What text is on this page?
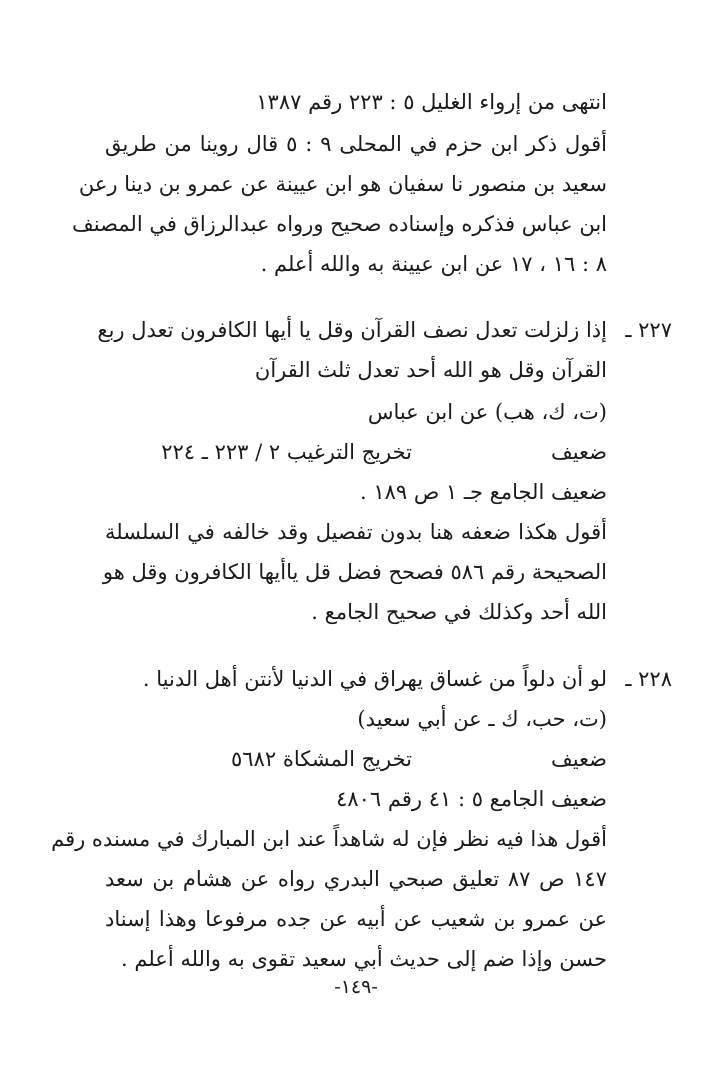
انتهى من إرواء الغليل ٥ : ٢٢٣ رقم ١٣٨٧
أقول ذكر ابن حزم في المحلى ٩ : ٥ قال روينا من طريق
سعيد بن منصور نا سفيان هو ابن عيينة عن عمرو بن دينا رعن
ابن عباس فذكره وإسناده صحيح ورواه عبدالرزاق في المصنف
٨ : ١٦ ، ١٧ عن ابن عيينة به والله أعلم .
٢٢٧ ـ
إذا زلزلت تعدل نصف القرآن وقل يا أيها الكافرون تعدل ربع
القرآن وقل هو الله أحد تعدل ثلث القرآن
(ت، ك، هب) عن ابن عباس
ضعيف
تخريج الترغيب ٢ / ٢٢٣ ـ ٢٢٤
ضعيف الجامع جـ ١ ص ١٨٩ .
أقول هكذا ضعفه هنا بدون تفصيل وقد خالفه في السلسلة
الصحيحة رقم ٥٨٦ فصحح فضل قل ياأيها الكافرون وقل هو
الله أحد وكذلك في صحيح الجامع .
٢٢٨ ـ
لو أن دلواً من غساق يهراق في الدنيا لأنتن أهل الدنيا .
(ت، حب، ك ـ عن أبي سعيد)
ضعيف
تخريج المشكاة ٥٦٨٢
ضعيف الجامع ٥ : ٤١ رقم ٤٨٠٦
أقول هذا فيه نظر فإن له شاهداً عند ابن المبارك في مسنده رقم
١٤٧ ص ٨٧ تعليق صبحي البدري رواه عن هشام بن سعد
عن عمرو بن شعيب عن أبيه عن جده مرفوعا وهذا إسناد
حسن وإذا ضم إلى حديث أبي سعيد تقوى به والله أعلم .
-١٤٩-
